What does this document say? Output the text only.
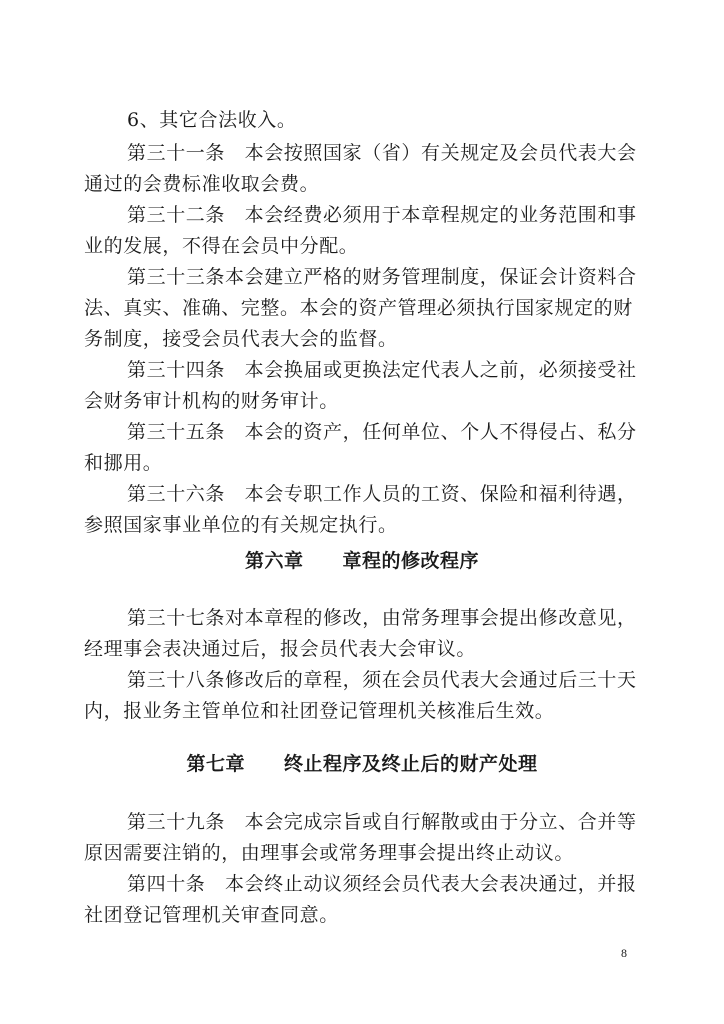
6、其它合法收入。
第三十一条　本会按照国家（省）有关规定及会员代表大会
通过的会费标准收取会费。
第三十二条　本会经费必须用于本章程规定的业务范围和事
业的发展，不得在会员中分配。
第三十三条本会建立严格的财务管理制度，保证会计资料合
法、真实、准确、完整。本会的资产管理必须执行国家规定的财
务制度，接受会员代表大会的监督。
第三十四条　本会换届或更换法定代表人之前，必须接受社
会财务审计机构的财务审计。
第三十五条　本会的资产，任何单位、个人不得侵占、私分
和挪用。
第三十六条　本会专职工作人员的工资、保险和福利待遇，
参照国家事业单位的有关规定执行。
第六章　　章程的修改程序
第三十七条对本章程的修改，由常务理事会提出修改意见，
经理事会表决通过后，报会员代表大会审议。
第三十八条修改后的章程，须在会员代表大会通过后三十天
内，报业务主管单位和社团登记管理机关核准后生效。
第七章　　终止程序及终止后的财产处理
第三十九条　本会完成宗旨或自行解散或由于分立、合并等
原因需要注销的，由理事会或常务理事会提出终止动议。
第四十条　本会终止动议须经会员代表大会表决通过，并报
社团登记管理机关审查同意。
8
